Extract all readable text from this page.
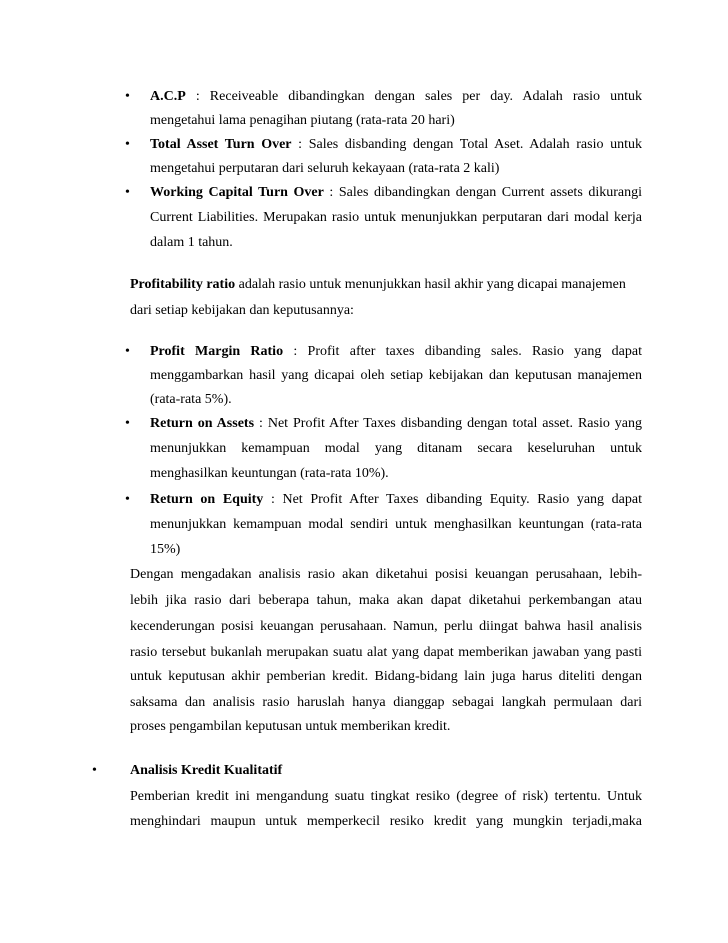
• A.C.P : Receiveable dibandingkan dengan sales per day. Adalah rasio untuk
mengetahui lama penagihan piutang (rata-rata 20 hari)
• Total Asset Turn Over : Sales disbanding dengan Total Aset. Adalah rasio untuk
mengetahui perputaran dari seluruh kekayaan (rata-rata 2 kali)
• Working Capital Turn Over : Sales dibandingkan dengan Current assets dikurangi
Current Liabilities. Merupakan rasio untuk menunjukkan perputaran dari modal kerja
dalam 1 tahun.
Profitability ratio adalah rasio untuk menunjukkan hasil akhir yang dicapai manajemen
dari setiap kebijakan dan keputusannya:
• Profit Margin Ratio : Profit after taxes dibanding sales. Rasio yang dapat
menggambarkan hasil yang dicapai oleh setiap kebijakan dan keputusan manajemen
(rata-rata 5%).
• Return on Assets : Net Profit After Taxes disbanding dengan total asset. Rasio yang
menunjukkan kemampuan modal yang ditanam secara keseluruhan untuk
menghasilkan keuntungan (rata-rata 10%).
• Return on Equity : Net Profit After Taxes dibanding Equity. Rasio yang dapat
menunjukkan kemampuan modal sendiri untuk menghasilkan keuntungan (rata-rata
15%)
Dengan mengadakan analisis rasio akan diketahui posisi keuangan perusahaan, lebih-
lebih jika rasio dari beberapa tahun, maka akan dapat diketahui perkembangan atau
kecenderungan posisi keuangan perusahaan. Namun, perlu diingat bahwa hasil analisis
rasio tersebut bukanlah merupakan suatu alat yang dapat memberikan jawaban yang pasti
untuk keputusan akhir pemberian kredit. Bidang-bidang lain juga harus diteliti dengan
saksama dan analisis rasio haruslah hanya dianggap sebagai langkah permulaan dari
proses pengambilan keputusan untuk memberikan kredit.
• Analisis Kredit Kualitatif
Pemberian kredit ini mengandung suatu tingkat resiko (degree of risk) tertentu. Untuk
menghindari maupun untuk memperkecil resiko kredit yang mungkin terjadi,maka
